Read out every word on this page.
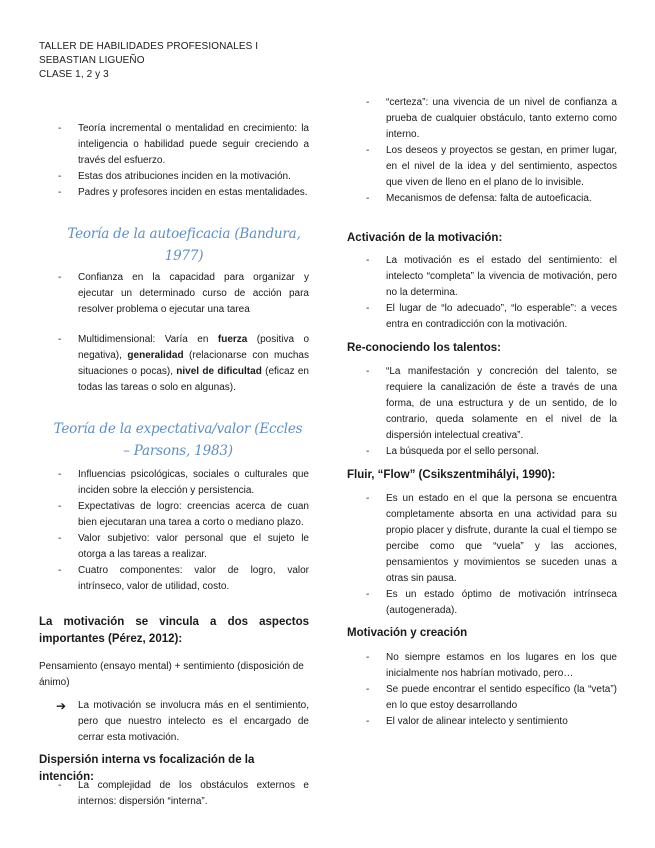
TALLER DE HABILIDADES PROFESIONALES I
SEBASTIAN LIGUEÑO
CLASE 1, 2 y 3
- Teoría incremental o mentalidad en crecimiento: la inteligencia o habilidad puede seguir creciendo a través del esfuerzo.
- Estas dos atribuciones inciden en la motivación.
- Padres y profesores inciden en estas mentalidades.
Teoría de la autoeficacia (Bandura, 1977)
- Confianza en la capacidad para organizar y ejecutar un determinado curso de acción para resolver problema o ejecutar una tarea
- Multidimensional: Varía en fuerza (positiva o negativa), generalidad (relacionarse con muchas situaciones o pocas), nivel de dificultad (eficaz en todas las tareas o solo en algunas).
Teoría de la expectativa/valor (Eccles – Parsons, 1983)
- Influencias psicológicas, sociales o culturales que inciden sobre la elección y persistencia.
- Expectativas de logro: creencias acerca de cuan bien ejecutaran una tarea a corto o mediano plazo.
- Valor subjetivo: valor personal que el sujeto le otorga a las tareas a realizar.
- Cuatro componentes: valor de logro, valor intrínseco, valor de utilidad, costo.
La motivación se vincula a dos aspectos importantes (Pérez, 2012):
Pensamiento (ensayo mental) + sentimiento (disposición de ánimo)
➔ La motivación se involucra más en el sentimiento, pero que nuestro intelecto es el encargado de cerrar esta motivación.
Dispersión interna vs focalización de la intención:
- La complejidad de los obstáculos externos e internos: dispersión “interna”.
- “certeza”: una vivencia de un nivel de confianza a prueba de cualquier obstáculo, tanto externo como interno.
- Los deseos y proyectos se gestan, en primer lugar, en el nivel de la idea y del sentimiento, aspectos que viven de lleno en el plano de lo invisible.
- Mecanismos de defensa: falta de autoeficacia.
Activación de la motivación:
- La motivación es el estado del sentimiento: el intelecto “completa” la vivencia de motivación, pero no la determina.
- El lugar de “lo adecuado”, “lo esperable”: a veces entra en contradicción con la motivación.
Re-conociendo los talentos:
- “La manifestación y concreción del talento, se requiere la canalización de éste a través de una forma, de una estructura y de un sentido, de lo contrario, queda solamente en el nivel de la dispersión intelectual creativa”.
- La búsqueda por el sello personal.
Fluir, “Flow” (Csikszentmihályi, 1990):
- Es un estado en el que la persona se encuentra completamente absorta en una actividad para su propio placer y disfrute, durante la cual el tiempo se percibe como que “vuela” y las acciones, pensamientos y movimientos se suceden unas a otras sin pausa.
- Es un estado óptimo de motivación intrínseca (autogenerada).
Motivación y creación
- No siempre estamos en los lugares en los que inicialmente nos habrían motivado, pero…
- Se puede encontrar el sentido específico (la “veta”) en lo que estoy desarrollando
- El valor de alinear intelecto y sentimiento
